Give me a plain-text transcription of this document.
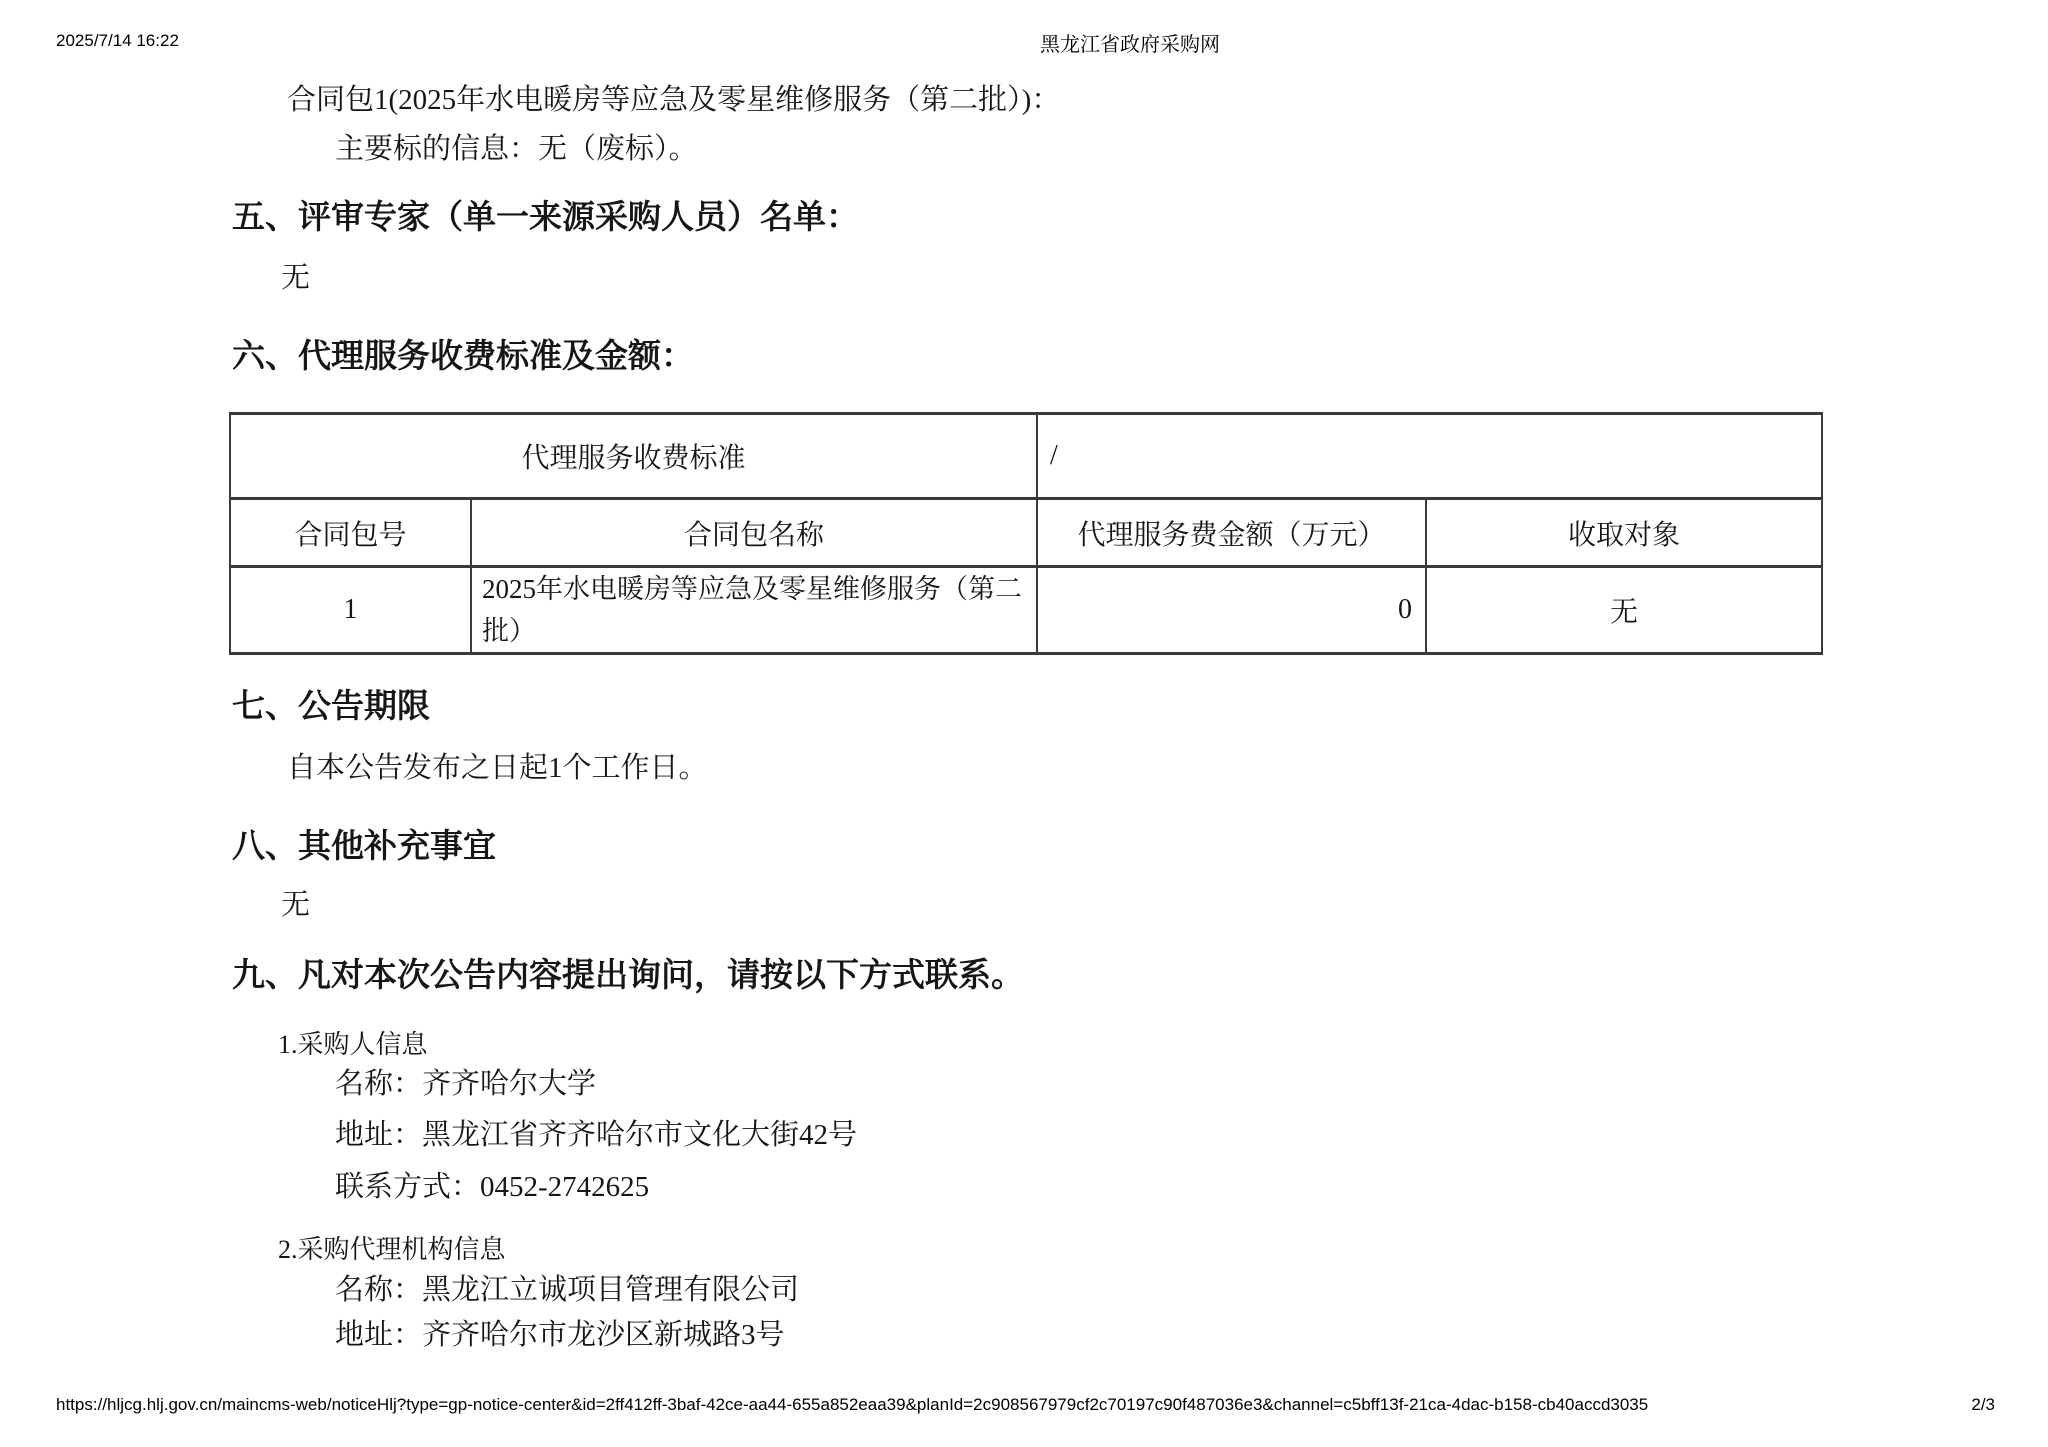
2025/7/14 16:22	黑龙江省政府采购网
合同包1(2025年水电暖房等应急及零星维修服务（第二批）)：
主要标的信息：无（废标）。
五、评审专家（单一来源采购人员）名单：
无
六、代理服务收费标准及金额：
代理服务收费标准		/	
合同包号	合同包名称	代理服务费金额（万元）	收取对象
1	2025年水电暖房等应急及零星维修服务（第二批）	0	无
七、公告期限
自本公告发布之日起1个工作日。
八、其他补充事宜
无
九、凡对本次公告内容提出询问，请按以下方式联系。
1.采购人信息
名称：齐齐哈尔大学
地址：黑龙江省齐齐哈尔市文化大街42号
联系方式：0452-2742625
2.采购代理机构信息
名称：黑龙江立诚项目管理有限公司
地址：齐齐哈尔市龙沙区新城路3号
https://hljcg.hlj.gov.cn/maincms-web/noticeHlj?type=gp-notice-center&id=2ff412ff-3baf-42ce-aa44-655a852eaa39&planId=2c908567979cf2c70197c90f487036e3&channel=c5bff13f-21ca-4dac-b158-cb40accd3035	2/3
